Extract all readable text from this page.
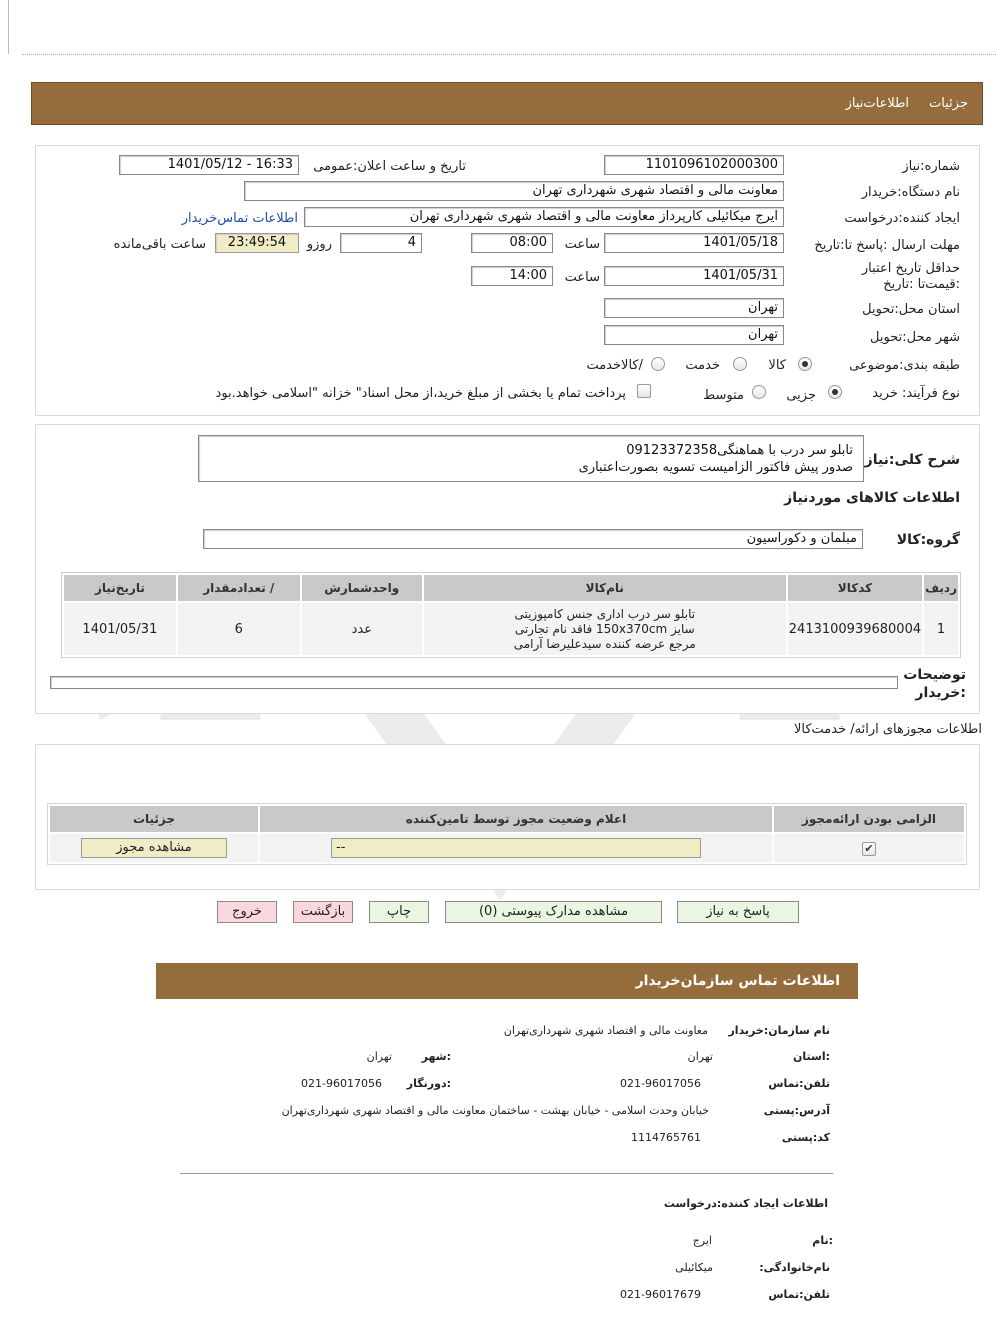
جزئیات
اطلاعات‌نیاز
شماره:نیاز
1101096102000300
تاریخ و ساعت اعلان:عمومی
1401/05/12 - 16:33
نام دستگاه:خریدار
معاونت مالی و اقتصاد شهری شهرداری تهران
ایجاد کننده:درخواست
ایرج میکائیلی کارپرداز معاونت مالی و اقتصاد شهری شهرداری تهران
اطلاعات تماس‌خریدار
مهلت ارسال :پاسخ تا:تاریخ
1401/05/18
ساعت
08:00
4
روزو
23:49:54
ساعت باقی‌مانده
حداقل تاریخ اعتبار :قیمت‌تا :تاریخ
1401/05/31
ساعت
14:00
استان محل:تحویل
تهران
شهر محل:تحویل
تهران
طبقه بندی:موضوعی
کالا
خدمت
/کالاخدمت
نوع فرآیند: خرید
جزیی
متوسط
پرداخت تمام یا بخشی از مبلغ خرید،از محل اسناد" خزانه "اسلامی خواهد.بود
شرح کلی:نیاز
تابلو سر درب با هماهنگی09123372358
صدور پیش فاکتور الزامیست تسویه بصورت‌اعتباری
اطلاعات کالاهای موردنیاز
گروه:کالا
مبلمان و دکوراسیون
ردیف	کدکالا	نام‌کالا	واحدشمارش	/ تعدادمقدار	تاریخ‌نیاز
1	2413100939680004	تابلو سر درب اداری جنس کامپوزیتی
سایز 150x370cm فاقد نام تجارتی
مرجع عرضه کننده سیدعلیرضا آرامی	عدد	6	1401/05/31
توضیحات :خریدار
اطلاعات مجوزهای ارائه/ خدمت‌کالا
الزامی بودن ارائه‌مجوز	اعلام وضعیت مجوز توسط تامین‌کننده	جزئیات
✔	--	مشاهده مجوز
پاسخ به نیاز
مشاهده مدارک پیوستی (0)
چاپ
بازگشت
خروج
اطلاعات تماس سازمان‌خریدار
نام سازمان:خریدار
معاونت مالی و اقتصاد شهری شهرداری‌تهران
:استان
تهران
:شهر
تهران
تلفن:تماس
021-96017056
:دورنگار
021-96017056
آدرس:پستی
خیابان وحدت اسلامی - خیابان بهشت - ساختمان معاونت مالی و اقتصاد شهری شهرداری‌تهران
کد:پستی
1114765761
اطلاعات ایجاد کننده:درخواست
:نام
ایرج
نام‌خانوادگی:
میکائیلی
تلفن:تماس
021-96017679
